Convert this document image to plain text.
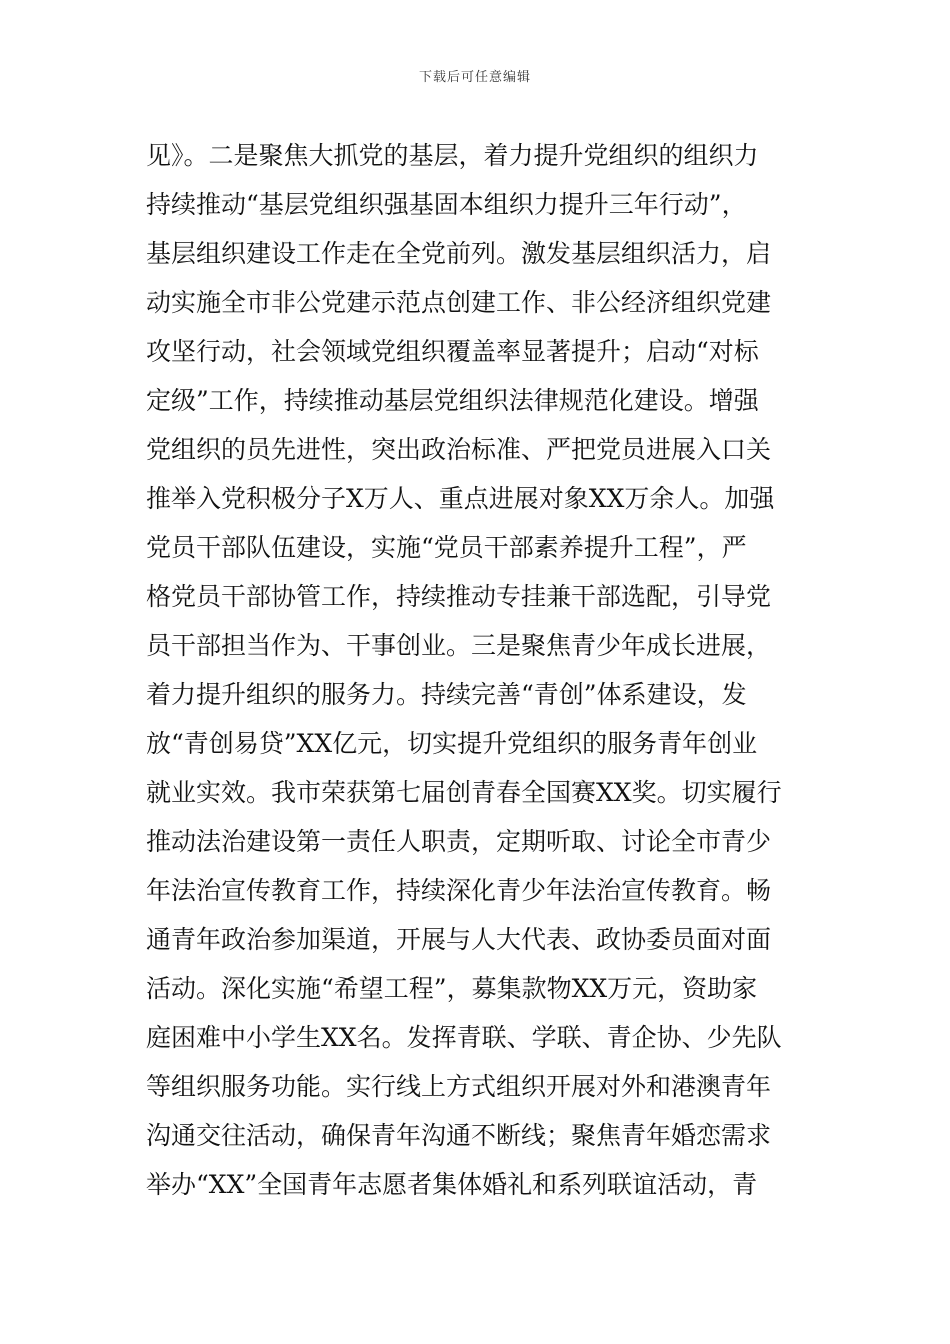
下载后可任意编辑
见》。二是聚焦大抓党的基层，着力提升党组织的组织力
持续推动“基层党组织强基固本组织力提升三年行动”，
基层组织建设工作走在全党前列。激发基层组织活力，启
动实施全市非公党建示范点创建工作、非公经济组织党建
攻坚行动，社会领域党组织覆盖率显著提升；启动“对标
定级”工作，持续推动基层党组织法律规范化建设。增强
党组织的员先进性，突出政治标准、严把党员进展入口关
推举入党积极分子X万人、重点进展对象XX万余人。加强
党员干部队伍建设，实施“党员干部素养提升工程”，严
格党员干部协管工作，持续推动专挂兼干部选配，引导党
员干部担当作为、干事创业。三是聚焦青少年成长进展，
着力提升组织的服务力。持续完善“青创”体系建设，发
放“青创易贷”XX亿元，切实提升党组织的服务青年创业
就业实效。我市荣获第七届创青春全国赛XX奖。切实履行
推动法治建设第一责任人职责，定期听取、讨论全市青少
年法治宣传教育工作，持续深化青少年法治宣传教育。畅
通青年政治参加渠道，开展与人大代表、政协委员面对面
活动。深化实施“希望工程”，募集款物XX万元，资助家
庭困难中小学生XX名。发挥青联、学联、青企协、少先队
等组织服务功能。实行线上方式组织开展对外和港澳青年
沟通交往活动，确保青年沟通不断线；聚焦青年婚恋需求
举办“XX”全国青年志愿者集体婚礼和系列联谊活动，青
